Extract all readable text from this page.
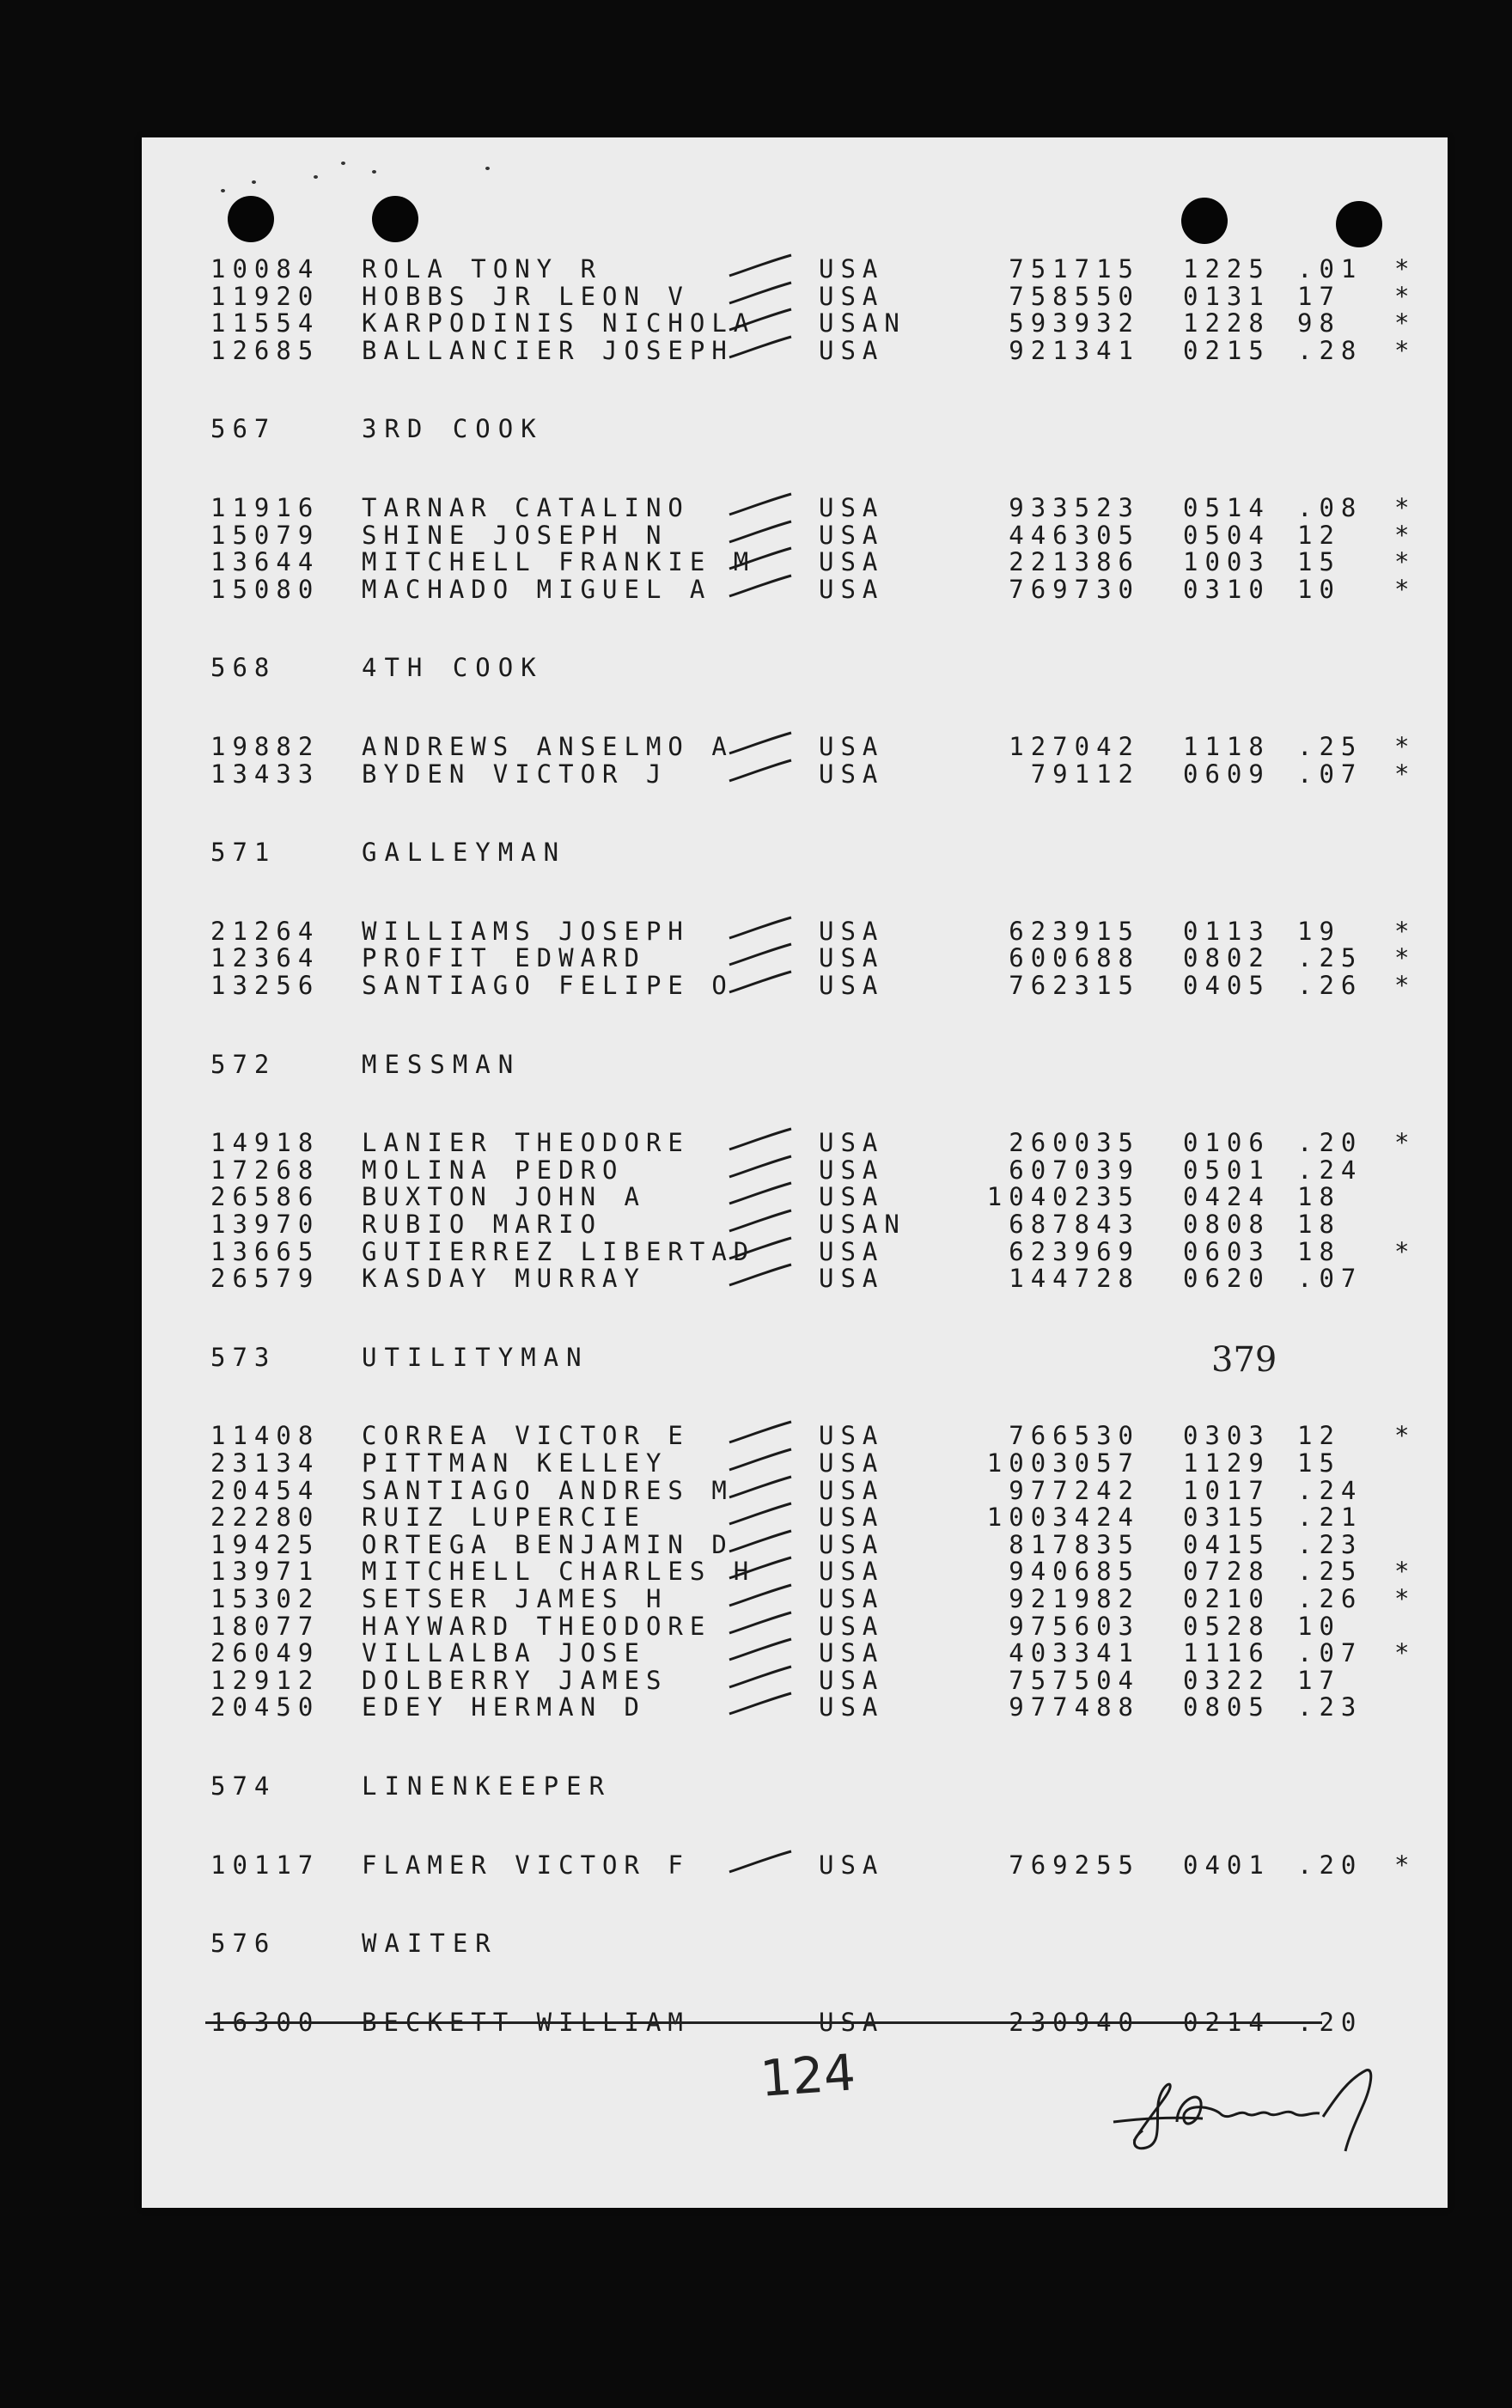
10084 ROLA TONY R	USA	751715 1225 .01 *
11920 HOBBS JR LEON V	USA	758550 0131 17 *
11554 KARPODINIS NICHOLA	USAN	593932 1228 98 *
12685 BALLANCIER JOSEPH	USA	921341 0215 .28 *
567	3RD COOK
11916 TARNAR CATALINO	USA	933523 0514 .08 *
15079 SHINE JOSEPH N	USA	446305 0504 12 *
13644 MITCHELL FRANKIE M	USA	221386 1003 15 *
15080 MACHADO MIGUEL A	USA	769730 0310 10 *
568	4TH COOK
19882 ANDREWS ANSELMO A	USA	127042 1118 .25 *
13433 BYDEN VICTOR J	USA	79112 0609 .07 *
571	GALLEYMAN
21264 WILLIAMS JOSEPH	USA	623915 0113 19 *
12364 PROFIT EDWARD	USA	600688 0802 .25 *
13256 SANTIAGO FELIPE O	USA	762315 0405 .26 *
572	MESSMAN
14918 LANIER THEODORE	USA	260035 0106 .20 *
17268 MOLINA PEDRO	USA	607039 0501 .24
26586 BUXTON JOHN A	USA	1040235 0424 18
13970 RUBIO MARIO	USAN	687843 0808 18
13665 GUTIERREZ LIBERTAD	USA	623969 0603 18 *
26579 KASDAY MURRAY	USA	144728 0620 .07
573	UTILITYMAN
11408 CORREA VICTOR E	USA	766530 0303 12 *
23134 PITTMAN KELLEY	USA	1003057 1129 15
20454 SANTIAGO ANDRES M	USA	977242 1017 .24
22280 RUIZ LUPERCIE	USA	1003424 0315 .21
19425 ORTEGA BENJAMIN D	USA	817835 0415 .23
13971 MITCHELL CHARLES H	USA	940685 0728 .25 *
15302 SETSER JAMES H	USA	921982 0210 .26 *
18077 HAYWARD THEODORE	USA	975603 0528 10
26049 VILLALBA JOSE	USA	403341 1116 .07 *
12912 DOLBERRY JAMES	USA	757504 0322 17
20450 EDEY HERMAN D	USA	977488 0805 .23
574	LINENKEEPER
10117 FLAMER VICTOR F	USA	769255 0401 .20 *
576	WAITER
16300 BECKETT WILLIAM	USA	230940 0214 .20
379
124
